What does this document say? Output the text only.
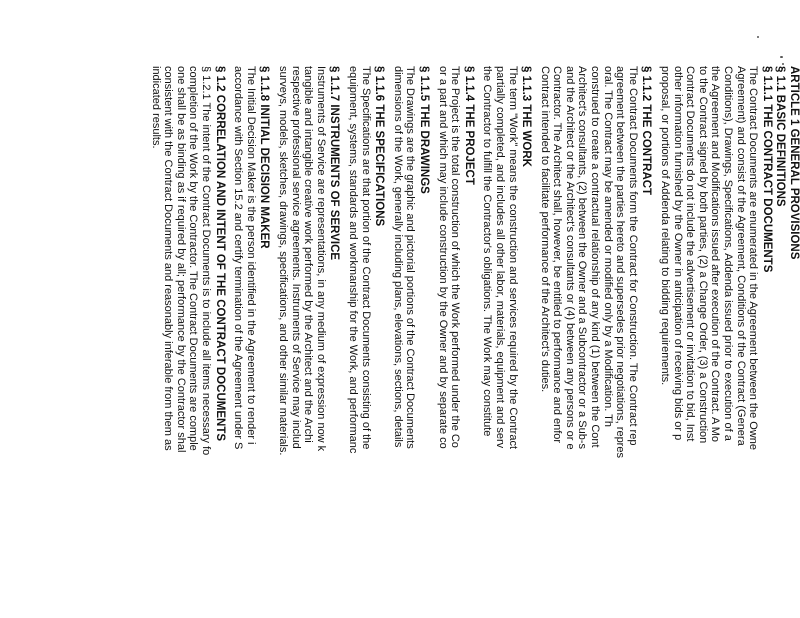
ARTICLE 1 GENERAL PROVISIONS
§ 1.1 BASIC DEFINITIONS
§ 1.1.1 THE CONTRACT DOCUMENTS
The Contract Documents are enumerated in the Agreement between the Owne
Agreement) and consist of the Agreement, Conditions of the Contract (Genera
Conditions), Drawings, Specifications, Addenda issued prior to execution of a
the Agreement and Modifications issued after execution of the Contract. A Mo
to the Contract signed by both parties, (2) a Change Order, (3) a Construction
Contract Documents do not include the advertisement or invitation to bid, Inst
other information furnished by the Owner in anticipation of receiving bids or p
proposal, or portions of Addenda relating to bidding requirements.
§ 1.1.2 THE CONTRACT
The Contract Documents form the Contract for Construction. The Contract rep
agreement between the parties hereto and supersedes prior negotiations, repres
oral. The Contract may be amended or modified only by a Modification. Th
construed to create a contractual relationship of any kind (1) between the Cont
Architect's consultants, (2) between the Owner and a Subcontractor or a Sub-s
and the Architect or the Architect's consultants or (4) between any persons or e
Contractor. The Architect shall, however, be entitled to performance and enfor
Contract intended to facilitate performance of the Architect's duties.
§ 1.1.3 THE WORK
The term "Work" means the construction and services required by the Contract
partially completed, and includes all other labor, materials, equipment and serv
the Contractor to fulfill the Contractor's obligations. The Work may constitute
§ 1.1.4 THE PROJECT
The Project is the total construction of which the Work performed under the Co
or a part and which may include construction by the Owner and by separate co
§ 1.1.5 THE DRAWINGS
The Drawings are the graphic and pictorial portions of the Contract Documents
dimensions of the Work, generally including plans, elevations, sections, details
§ 1.1.6 THE SPECIFICATIONS
The Specifications are that portion of the Contract Documents consisting of the
equipment, systems, standards and workmanship for the Work, and performanc
§ 1.1.7 INSTRUMENTS OF SERVICE
Instruments of Service are representations, in any medium of expression now k
tangible and intangible creative work performed by the Architect and the Archi
respective professional service agreements. Instruments of Service may includ
surveys, models, sketches, drawings, specifications, and other similar materials.
§ 1.1.8 INITIAL DECISION MAKER
The Initial Decision Maker is the person identified in the Agreement to render i
accordance with Section 15.2 and certify termination of the Agreement under S
§ 1.2 CORRELATION AND INTENT OF THE CONTRACT DOCUMENTS
§ 1.2.1 The intent of the Contract Documents is to include all items necessary fo
completion of the Work by the Contractor. The Contract Documents are comple
one shall be as binding as if required by all; performance by the Contractor shal
consistent with the Contract Documents and reasonably inferable from them as
indicated results.
